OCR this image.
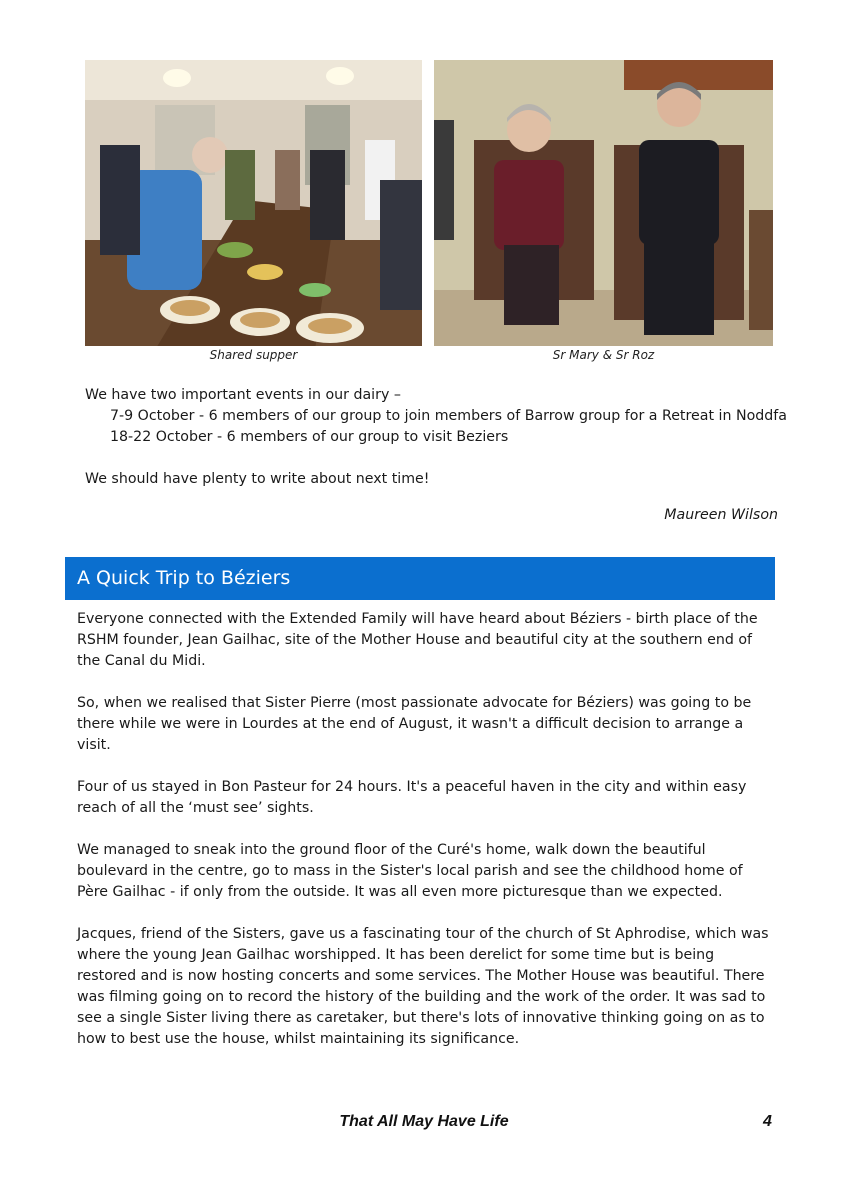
Shared supper	Sr Mary & Sr Roz

We have two important events in our dairy –

7-9 October - 6 members of our group to join members of Barrow group for a Retreat in Noddfa

18-22 October - 6 members of our group to visit Beziers

We should have plenty to write about next time!

Maureen Wilson
A Quick Trip to Béziers

Everyone connected with the Extended Family will have heard about Béziers - birth place of the RSHM founder, Jean Gailhac, site of the Mother House and beautiful city at the southern end of the Canal du Midi.

So, when we realised that Sister Pierre (most passionate advocate for Béziers) was going to be there while we were in Lourdes at the end of August, it wasn't a difficult decision to arrange a visit.

Four of us stayed in Bon Pasteur for 24 hours. It's a peaceful haven in the city and within easy reach of all the ‘must see’ sights.

We managed to sneak into the ground floor of the Curé's home, walk down the beautiful boulevard in the centre, go to mass in the Sister's local parish and see the childhood home of Père Gailhac - if only from the outside. It was all even more picturesque than we expected.

Jacques, friend of the Sisters, gave us a fascinating tour of the church of St Aphrodise, which was where the young Jean Gailhac worshipped. It has been derelict for some time but is being restored and is now hosting concerts and some services. The Mother House was beautiful. There was filming going on to record the history of the building and the work of the order. It was sad to see a single Sister living there as caretaker, but there's lots of innovative thinking going on as to how to best use the house, whilst maintaining its significance.

That All May Have Life	4
